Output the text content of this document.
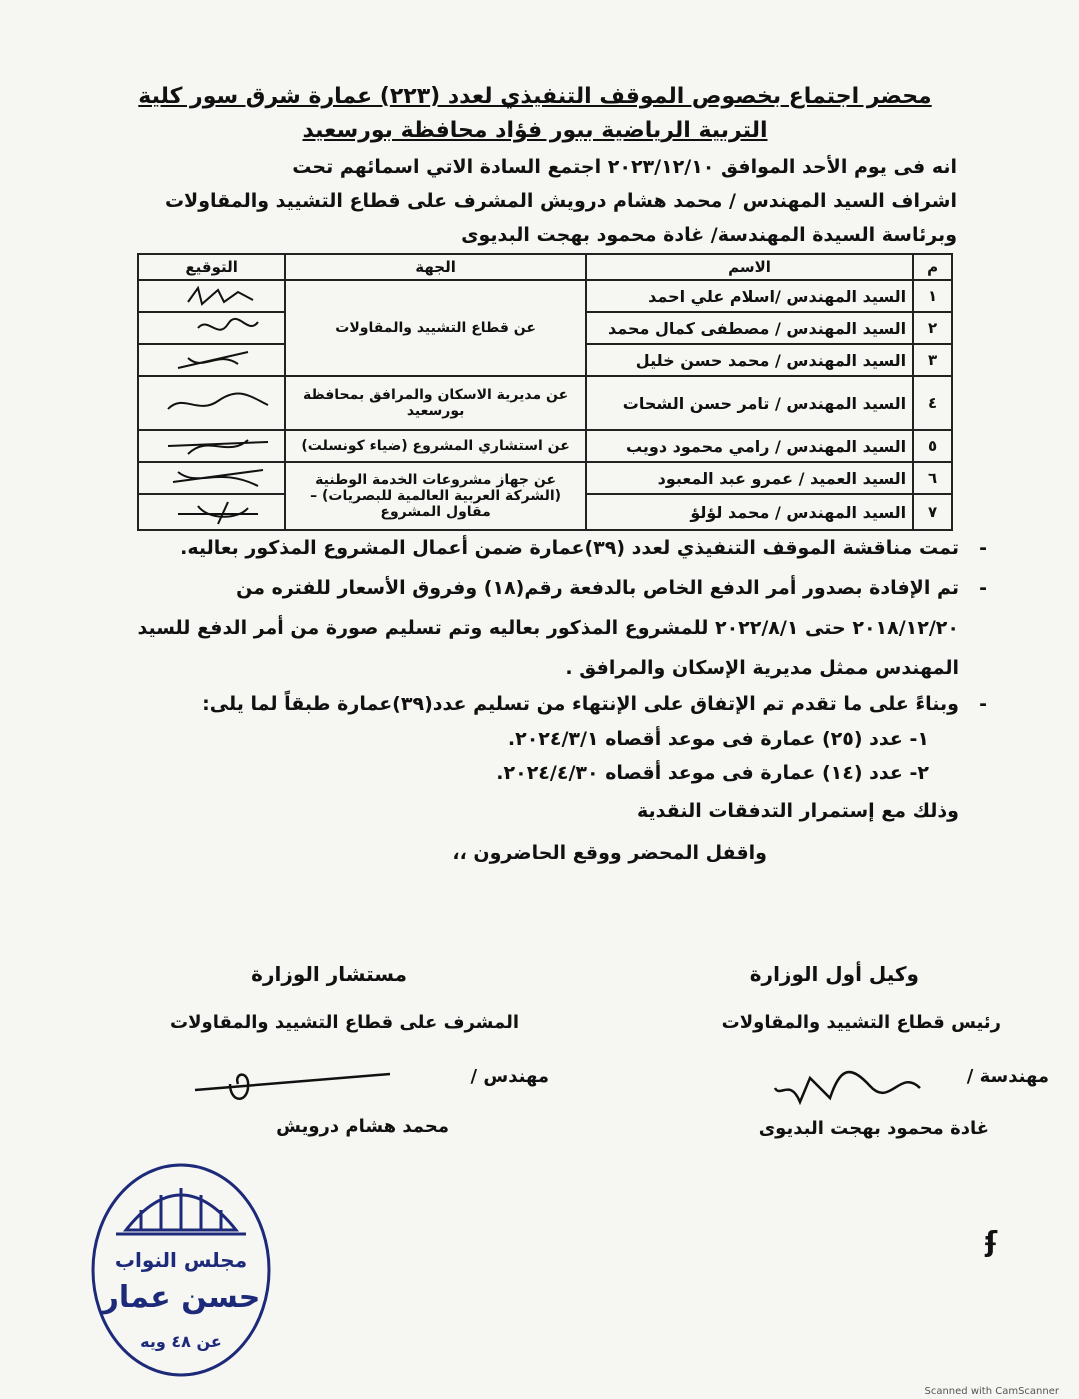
محضر اجتماع بخصوص الموقف التنفيذي لعدد (٢٢٣) عمارة شرق سور كلية
التربية الرياضية ببور فؤاد محافظة بورسعيد
انه فى يوم الأحد الموافق ٢٠٢٣/١٢/١٠ اجتمع السادة الاتي اسمائهم تحت
اشراف السيد المهندس / محمد هشام درويش المشرف على قطاع التشييد والمقاولات
وبرئاسة السيدة المهندسة/ غادة محمود بهجت البديوى
م	الاسم	الجهة	التوقيع
١	السيد المهندس /اسلام علي احمد	عن قطاع التشييد والمقاولات	

٢	السيد المهندس / مصطفى كمال محمد	

٣	السيد المهندس / محمد حسن خليل	

٤	السيد المهندس / تامر حسن الشحات	عن مديرية الاسكان والمرافق بمحافظة بورسعيد	

٥	السيد المهندس / رامي محمود دويب	عن استشاري المشروع (ضياء كونسلت)	

٦	السيد العميد / عمرو عبد المعبود	عن جهاز مشروعات الخدمة الوطنية (الشركة العربية العالمية للبصريات) – مقاول المشروع	

٧	السيد المهندس / محمد لؤلؤ	
-
تمت مناقشة الموقف التنفيذي لعدد (٣٩)عمارة ضمن أعمال المشروع المذكور بعاليه.
-
تم الإفادة بصدور أمر الدفع الخاص بالدفعة رقم(١٨) وفروق الأسعار للفتره من ٢٠١٨/١٢/٢٠ حتى ٢٠٢٢/٨/١ للمشروع المذكور بعاليه وتم تسليم صورة من أمر الدفع للسيد المهندس ممثل مديرية الإسكان والمرافق .
-
وبناءً على ما تقدم تم الإتفاق على الإنتهاء من تسليم عدد(٣٩)عمارة طبقاً لما يلى:
١- عدد (٢٥) عمارة فى موعد أقصاه ٢٠٢٤/٣/١.
٢- عدد (١٤) عمارة فى موعد أقصاه ٢٠٢٤/٤/٣٠.
وذلك مع إستمرار التدفقات النقدية
واقفل المحضر ووقع الحاضرون ،،
وكيل أول الوزارة
رئيس قطاع التشييد والمقاولات
مهندسة /
غادة محمود بهجت البديوى
مستشار الوزارة
المشرف على قطاع التشييد والمقاولات
مهندس /
محمد هشام درويش
مجلس النواب
حسن عمار
عن ٤٨ ويه
ʄ
Scanned with CamScanner
